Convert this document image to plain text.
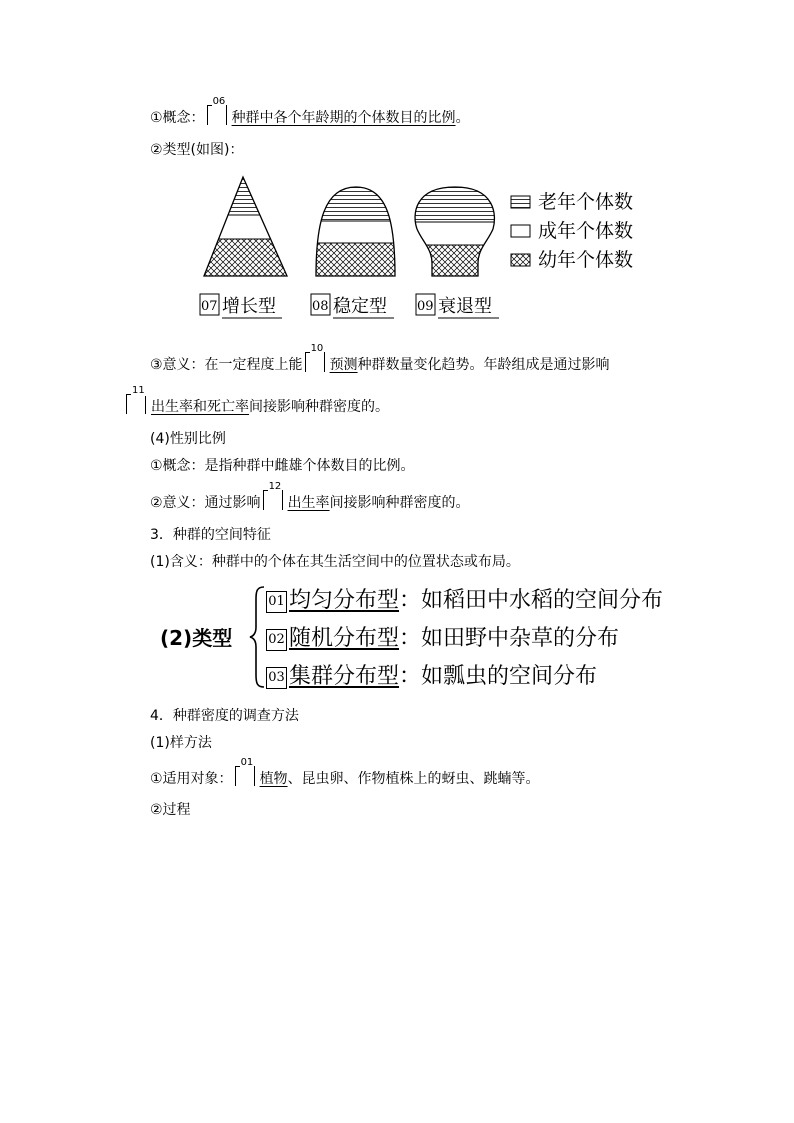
①概念：
06
种群中各个年龄期的个体数目的比例。
②类型(如图)：
老年个体数
成年个体数
幼年个体数
07 增长型	08 稳定型 09 衰退型
③意义：在一定程度上能
10
预测种群数量变化趋势。年龄组成是通过影响
11
出生率和死亡率间接影响种群密度的。
(4)性别比例
①概念：是指种群中雌雄个体数目的比例。
②意义：通过影响
12
出生率间接影响种群密度的。
3．种群的空间特征
(1)含义：种群中的个体在其生活空间中的位置状态或布局。
(2)类型
01 均匀分布型：如稻田中水稻的空间分布
02 随机分布型：如田野中杂草的分布
03 集群分布型：如瓢虫的空间分布
4．种群密度的调查方法
(1)样方法
①适用对象：
01
植物、昆虫卵、作物植株上的蚜虫、跳蝻等。
②过程
